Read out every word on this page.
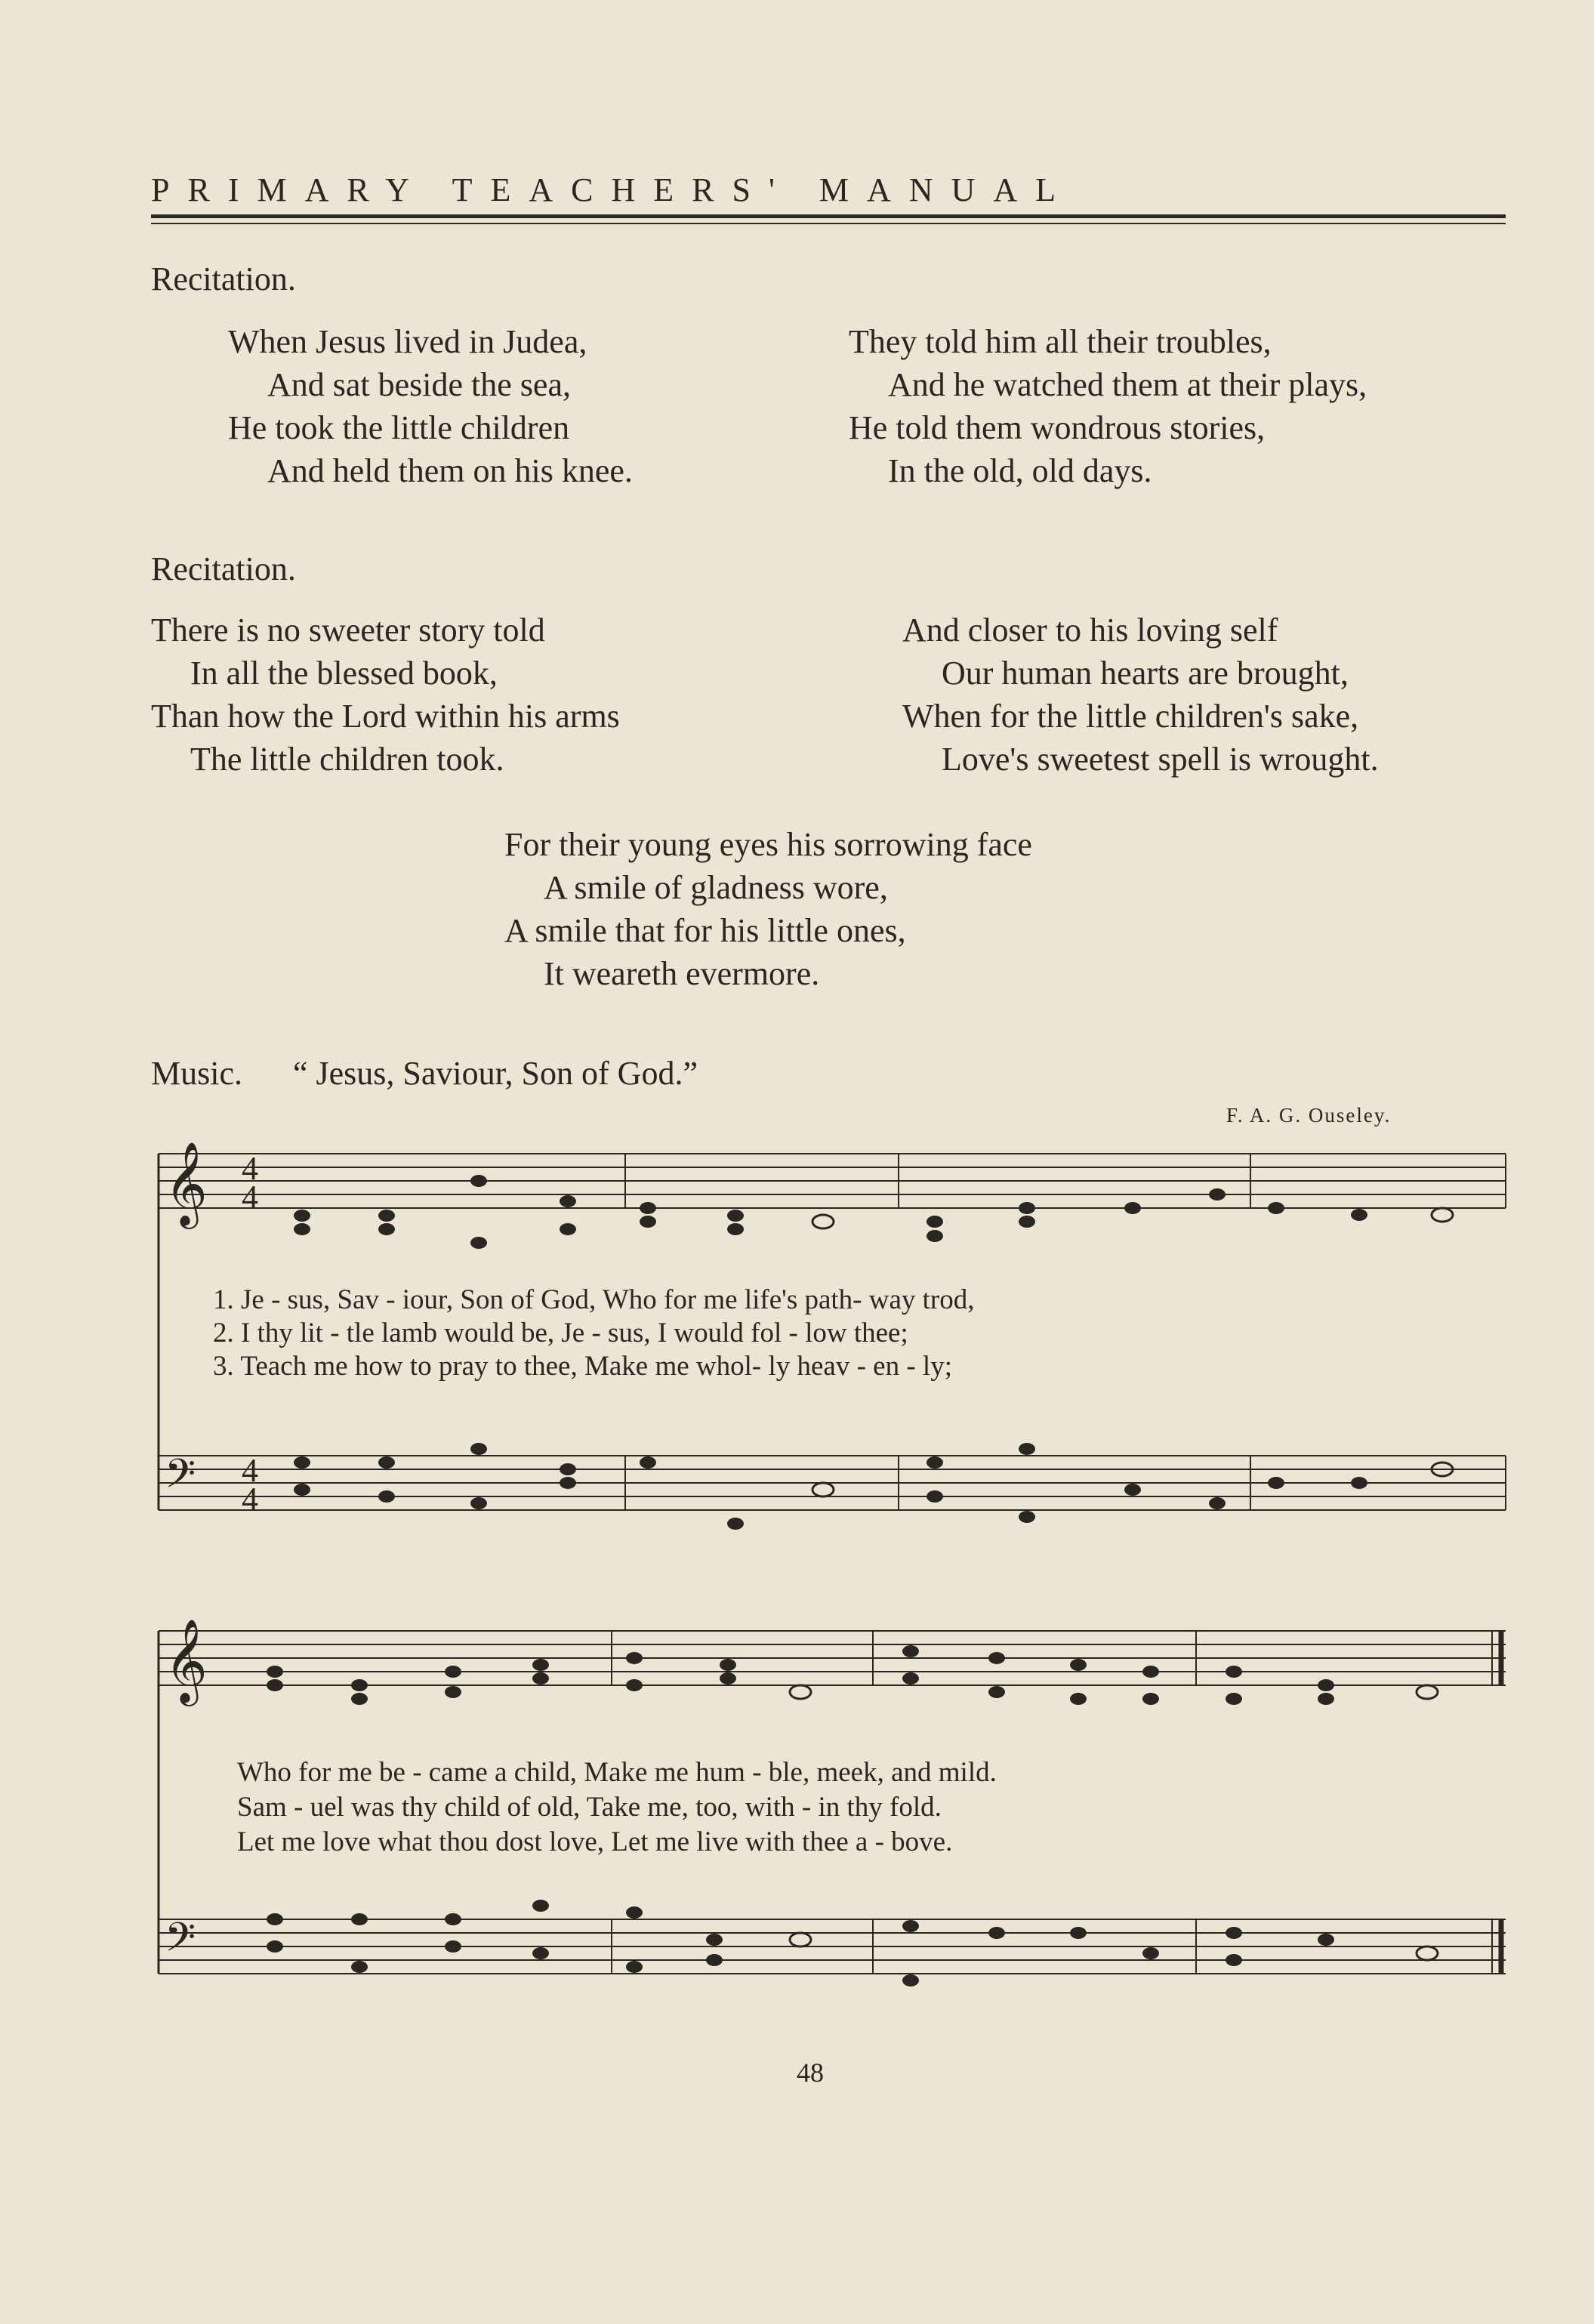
PRIMARY TEACHERS' MANUAL
Recitation.
When Jesus lived in Judea,
And sat beside the sea,
He took the little children
And held them on his knee.
They told him all their troubles,
And he watched them at their plays,
He told them wondrous stories,
In the old, old days.
Recitation.
There is no sweeter story told
In all the blessed book,
Than how the Lord within his arms
The little children took.
And closer to his loving self
Our human hearts are brought,
When for the little children's sake,
Love's sweetest spell is wrought.
For their young eyes his sorrowing face
A smile of gladness wore,
A smile that for his little ones,
It weareth evermore.
Music. “ Jesus, Saviour, Son of God.”
F. A. G. Ouseley.
𝄞 4
4
𝄢 4
4
𝄞
𝄢
1. Je - sus, Sav - iour, Son of God, Who for me life's path- way trod,
2. I thy lit - tle lamb would be, Je - sus, I would fol - low thee;
3. Teach me how to pray to thee, Make me whol- ly heav - en - ly;
Who for me be - came a child, Make me hum - ble, meek, and mild.
Sam - uel was thy child of old, Take me, too, with - in thy fold.
Let me love what thou dost love, Let me live with thee a - bove.
48
